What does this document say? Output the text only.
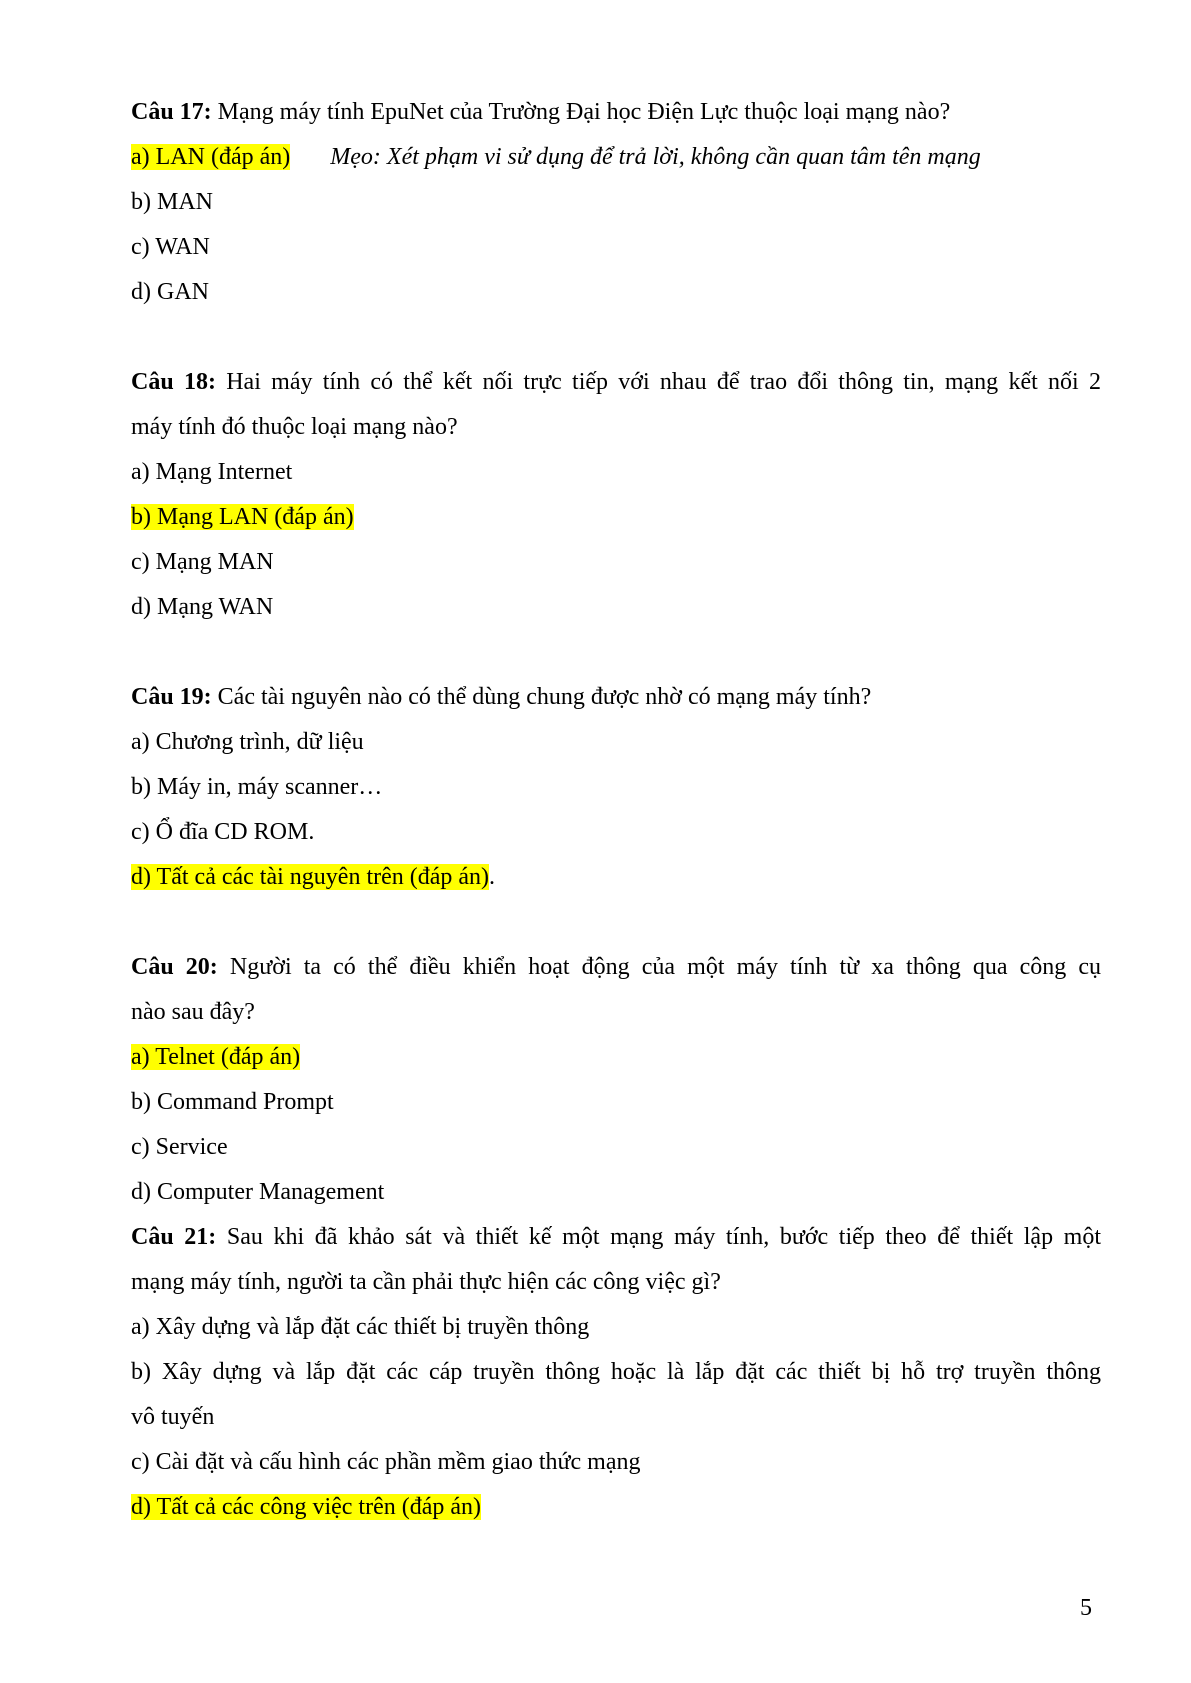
Câu 17: Mạng máy tính EpuNet của Trường Đại học Điện Lực thuộc loại mạng nào?
a) LAN (đáp án) Mẹo: Xét phạm vi sử dụng để trả lời, không cần quan tâm tên mạng
b) MAN
c) WAN
d) GAN
Câu 18: Hai máy tính có thể kết nối trực tiếp với nhau để trao đổi thông tin, mạng kết nối 2
máy tính đó thuộc loại mạng nào?
a) Mạng Internet
b) Mạng LAN (đáp án)
c) Mạng MAN
d) Mạng WAN
Câu 19: Các tài nguyên nào có thể dùng chung được nhờ có mạng máy tính?
a) Chương trình, dữ liệu
b) Máy in, máy scanner…
c) Ổ đĩa CD ROM.
d) Tất cả các tài nguyên trên (đáp án).
Câu 20: Người ta có thể điều khiển hoạt động của một máy tính từ xa thông qua công cụ
nào sau đây?
a) Telnet (đáp án)
b) Command Prompt
c) Service
d) Computer Management
Câu 21: Sau khi đã khảo sát và thiết kế một mạng máy tính, bước tiếp theo để thiết lập một
mạng máy tính, người ta cần phải thực hiện các công việc gì?
a) Xây dựng và lắp đặt các thiết bị truyền thông
b) Xây dựng và lắp đặt các cáp truyền thông hoặc là lắp đặt các thiết bị hỗ trợ truyền thông
vô tuyến
c) Cài đặt và cấu hình các phần mềm giao thức mạng
d) Tất cả các công việc trên (đáp án)
5
